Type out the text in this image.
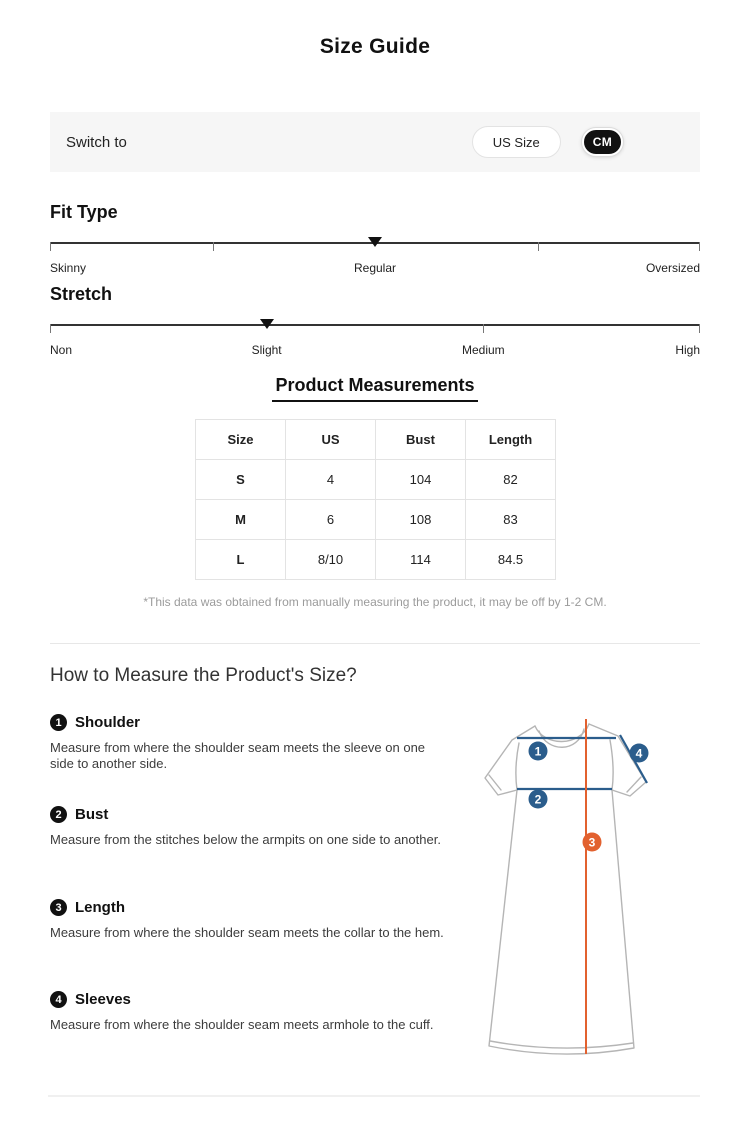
Size Guide
Switch to	US Size	CM
Fit Type
Skinny	Regular	Oversized
Stretch
Non	Slight	Medium	High
Product Measurements
Size	US	Bust	Length
S	4	104	82
M	6	108	83
L	8/10	114	84.5
*This data was obtained from manually measuring the product, it may be off by 1-2 CM.
How to Measure the Product's Size?
1 Shoulder
Measure from where the shoulder seam meets the sleeve on one side to another side.
2 Bust
Measure from the stitches below the armpits on one side to another.
3 Length
Measure from where the shoulder seam meets the collar to the hem.
4 Sleeves
Measure from where the shoulder seam meets armhole to the cuff.
1
2
3
4
